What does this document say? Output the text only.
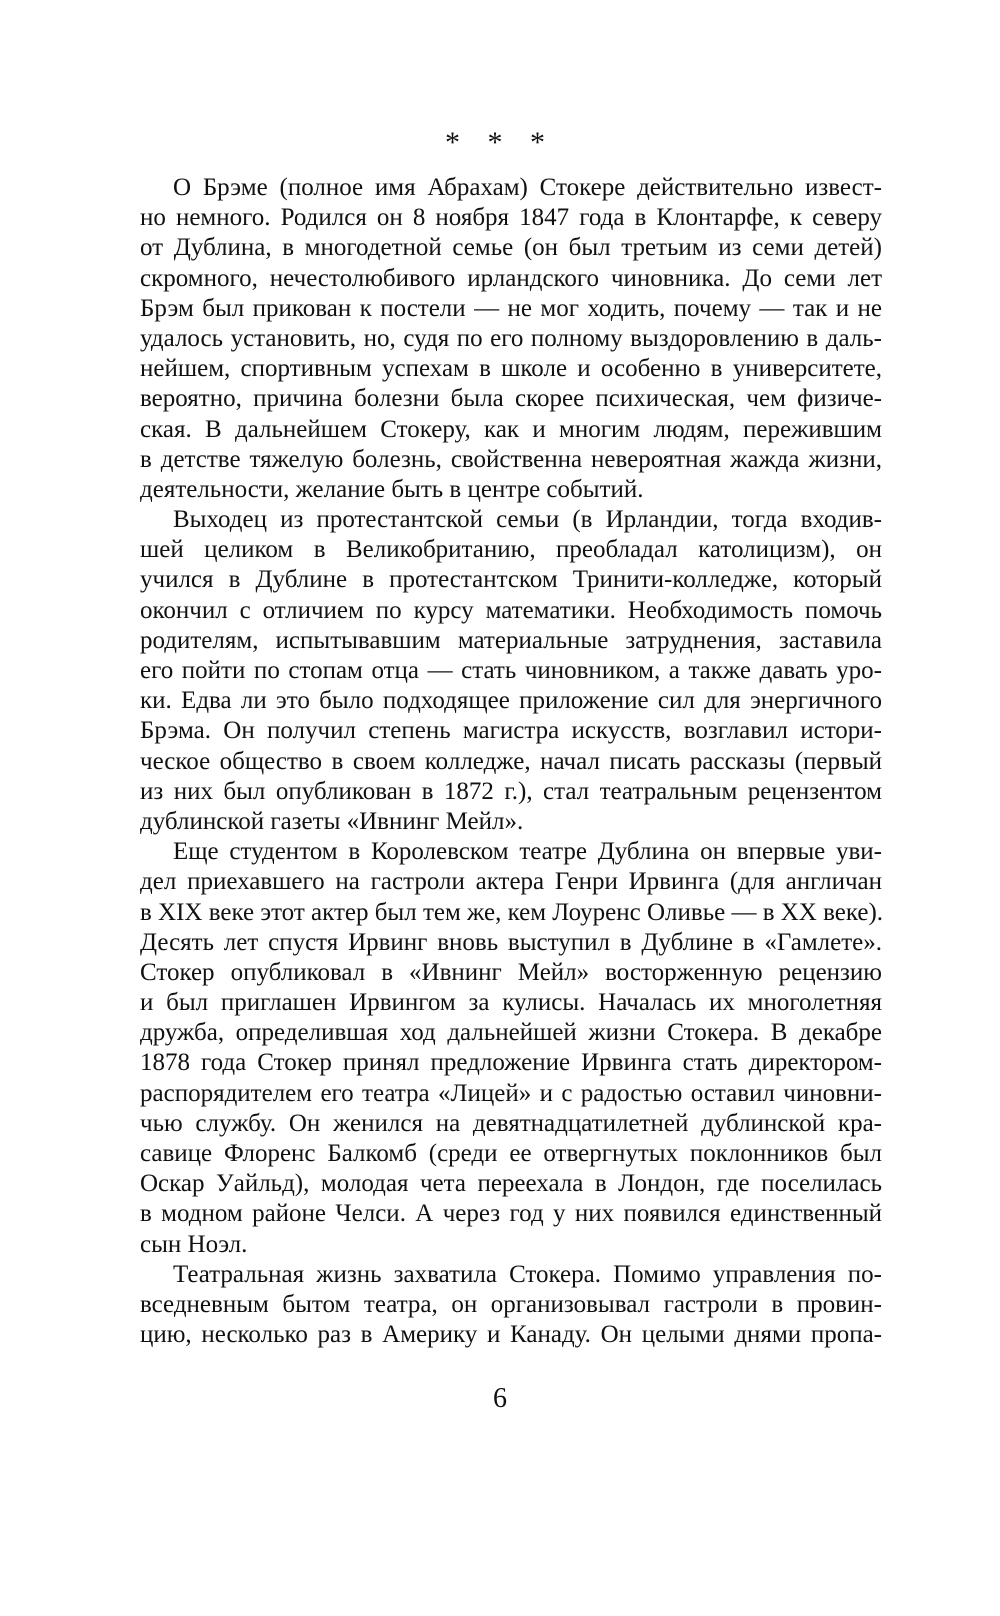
* * *
О Брэме (полное имя Абрахам) Стокере действительно извест-
но немного. Родился он 8 ноября 1847 года в Клонтарфе, к северу
от Дублина, в многодетной семье (он был третьим из семи детей)
скромного, нечестолюбивого ирландского чиновника. До семи лет
Брэм был прикован к постели — не мог ходить, почему — так и не
удалось установить, но, судя по его полному выздоровлению в даль-
нейшем, спортивным успехам в школе и особенно в университете,
вероятно, причина болезни была скорее психическая, чем физиче-
ская. В дальнейшем Стокеру, как и многим людям, пережившим
в детстве тяжелую болезнь, свойственна невероятная жажда жизни,
деятельности, желание быть в центре событий.
Выходец из протестантской семьи (в Ирландии, тогда входив-
шей целиком в Великобританию, преобладал католицизм), он
учился в Дублине в протестантском Тринити-колледже, который
окончил с отличием по курсу математики. Необходимость помочь
родителям, испытывавшим материальные затруднения, заставила
его пойти по стопам отца — стать чиновником, а также давать уро-
ки. Едва ли это было подходящее приложение сил для энергичного
Брэма. Он получил степень магистра искусств, возглавил истори-
ческое общество в своем колледже, начал писать рассказы (первый
из них был опубликован в 1872 г.), стал театральным рецензентом
дублинской газеты «Ивнинг Мейл».
Еще студентом в Королевском театре Дублина он впервые уви-
дел приехавшего на гастроли актера Генри Ирвинга (для англичан
в XIX веке этот актер был тем же, кем Лоуренс Оливье — в XX веке).
Десять лет спустя Ирвинг вновь выступил в Дублине в «Гамлете».
Стокер опубликовал в «Ивнинг Мейл» восторженную рецензию
и был приглашен Ирвингом за кулисы. Началась их многолетняя
дружба, определившая ход дальнейшей жизни Стокера. В декабре
1878 года Стокер принял предложение Ирвинга стать директором-
распорядителем его театра «Лицей» и с радостью оставил чиновни-
чью службу. Он женился на девятнадцатилетней дублинской кра-
савице Флоренс Балкомб (среди ее отвергнутых поклонников был
Оскар Уайльд), молодая чета переехала в Лондон, где поселилась
в модном районе Челси. А через год у них появился единственный
сын Ноэл.
Театральная жизнь захватила Стокера. Помимо управления по-
вседневным бытом театра, он организовывал гастроли в провин-
цию, несколько раз в Америку и Канаду. Он целыми днями пропа-
6
